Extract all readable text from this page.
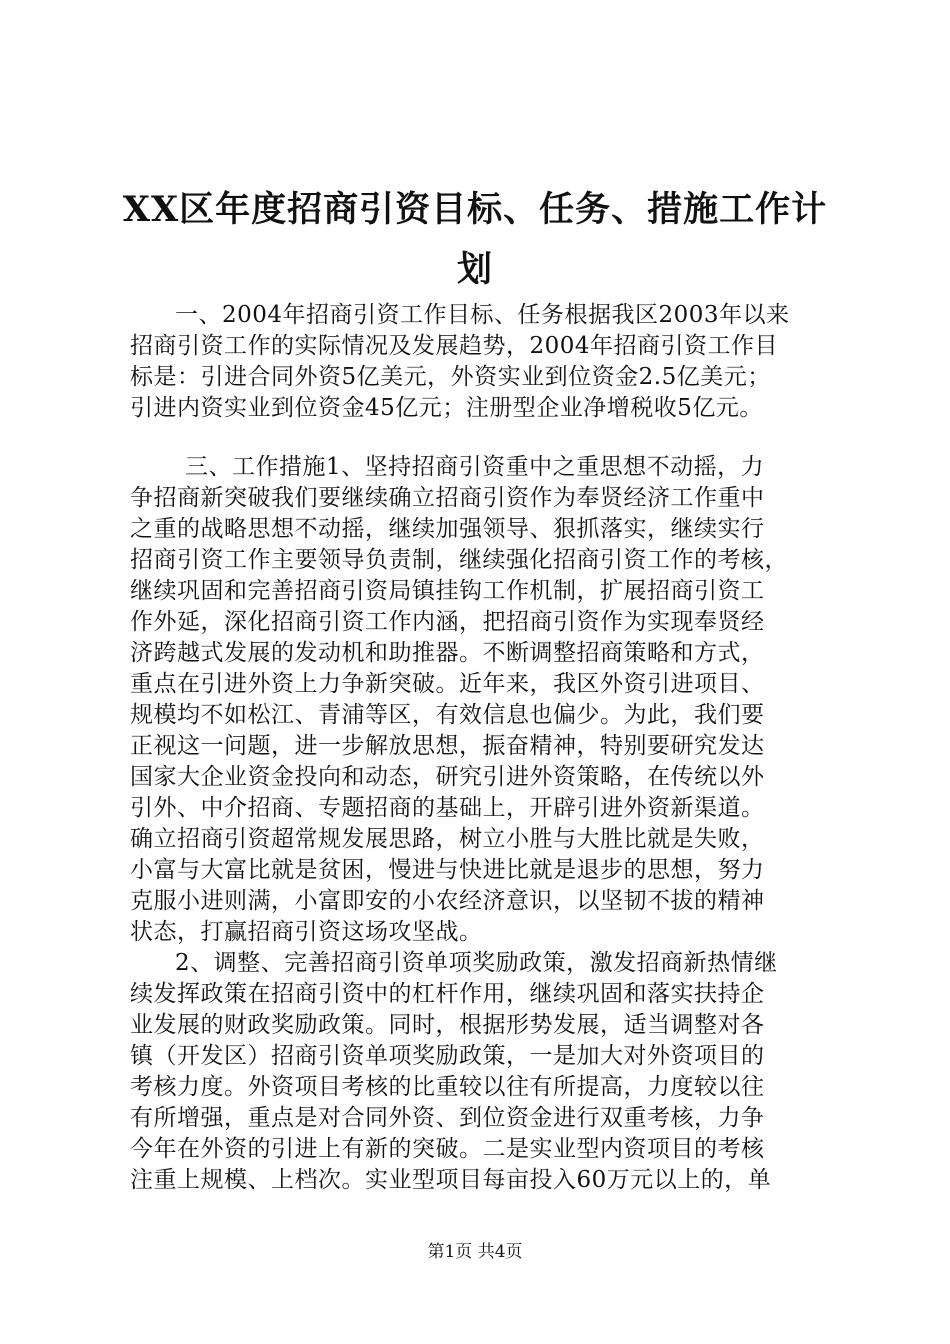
XX区年度招商引资目标、任务、措施工作计
划
一、2004年招商引资工作目标、任务根据我区2003年以来
招商引资工作的实际情况及发展趋势，2004年招商引资工作目
标是：引进合同外资5亿美元，外资实业到位资金2.5亿美元；
引进内资实业到位资金45亿元；注册型企业净增税收5亿元。
三、工作措施1、坚持招商引资重中之重思想不动摇，力
争招商新突破我们要继续确立招商引资作为奉贤经济工作重中
之重的战略思想不动摇，继续加强领导、狠抓落实，继续实行
招商引资工作主要领导负责制，继续强化招商引资工作的考核，
继续巩固和完善招商引资局镇挂钩工作机制，扩展招商引资工
作外延，深化招商引资工作内涵，把招商引资作为实现奉贤经
济跨越式发展的发动机和助推器。不断调整招商策略和方式，
重点在引进外资上力争新突破。近年来，我区外资引进项目、
规模均不如松江、青浦等区，有效信息也偏少。为此，我们要
正视这一问题，进一步解放思想，振奋精神，特别要研究发达
国家大企业资金投向和动态，研究引进外资策略，在传统以外
引外、中介招商、专题招商的基础上，开辟引进外资新渠道。
确立招商引资超常规发展思路，树立小胜与大胜比就是失败，
小富与大富比就是贫困，慢进与快进比就是退步的思想，努力
克服小进则满，小富即安的小农经济意识，以坚韧不拔的精神
状态，打赢招商引资这场攻坚战。
2、调整、完善招商引资单项奖励政策，激发招商新热情继
续发挥政策在招商引资中的杠杆作用，继续巩固和落实扶持企
业发展的财政奖励政策。同时，根据形势发展，适当调整对各
镇（开发区）招商引资单项奖励政策，一是加大对外资项目的
考核力度。外资项目考核的比重较以往有所提高，力度较以往
有所增强，重点是对合同外资、到位资金进行双重考核，力争
今年在外资的引进上有新的突破。二是实业型内资项目的考核
注重上规模、上档次。实业型项目每亩投入60万元以上的，单
第1页 共4页
